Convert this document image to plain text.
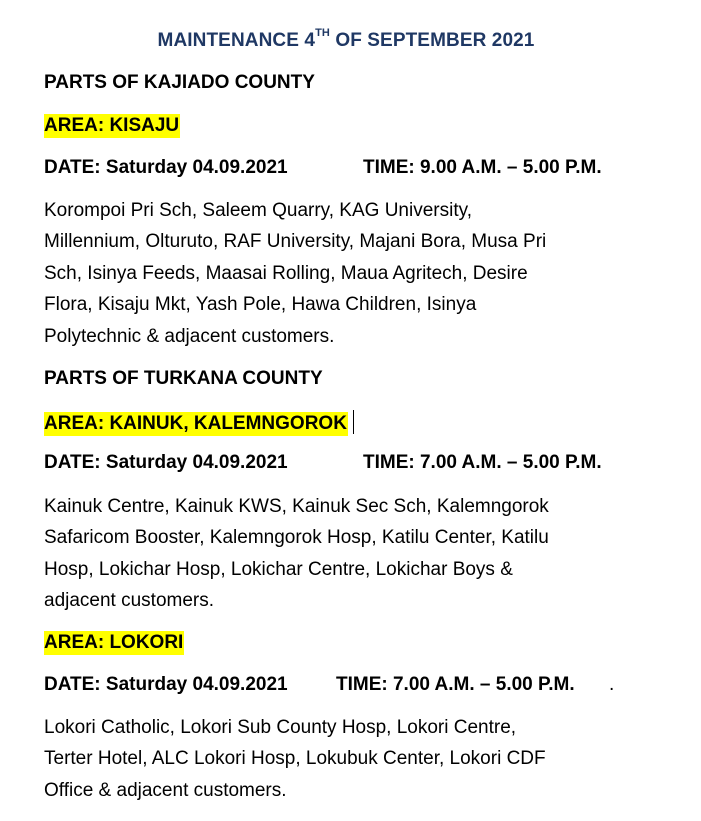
MAINTENANCE 4TH OF SEPTEMBER 2021
PARTS OF KAJIADO COUNTY
AREA: KISAJU
DATE: Saturday 04.09.2021	TIME: 9.00 A.M. – 5.00 P.M.
Korompoi Pri Sch, Saleem Quarry, KAG University,
Millennium, Olturuto, RAF University, Majani Bora, Musa Pri
Sch, Isinya Feeds, Maasai Rolling, Maua Agritech, Desire
Flora, Kisaju Mkt, Yash Pole, Hawa Children, Isinya
Polytechnic & adjacent customers.
PARTS OF TURKANA COUNTY
AREA: KAINUK, KALEMNGOROK
DATE: Saturday 04.09.2021	TIME: 7.00 A.M. – 5.00 P.M.
Kainuk Centre, Kainuk KWS, Kainuk Sec Sch, Kalemngorok
Safaricom Booster, Kalemngorok Hosp, Katilu Center, Katilu
Hosp, Lokichar Hosp, Lokichar Centre, Lokichar Boys &
adjacent customers.
AREA: LOKORI
DATE: Saturday 04.09.2021	TIME: 7.00 A.M. – 5.00 P.M. .
Lokori Catholic, Lokori Sub County Hosp, Lokori Centre,
Terter Hotel, ALC Lokori Hosp, Lokubuk Center, Lokori CDF
Office & adjacent customers.
